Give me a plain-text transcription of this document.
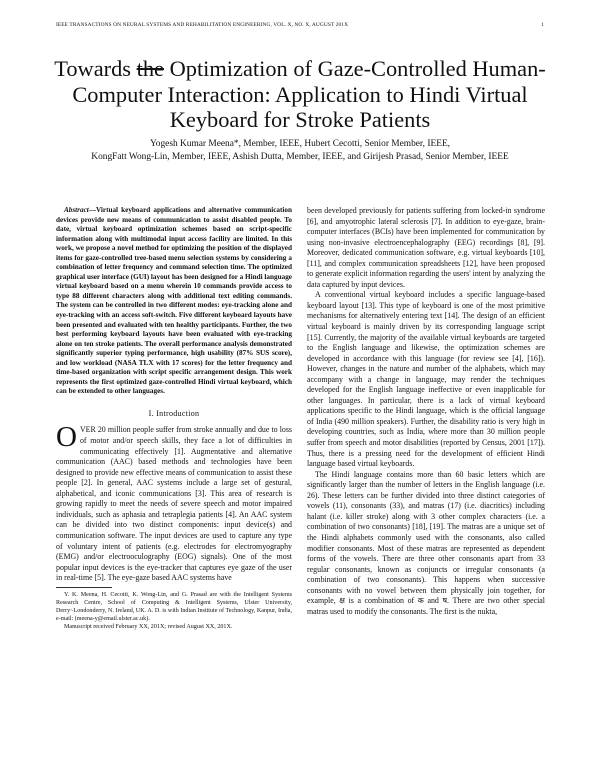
IEEE TRANSACTIONS ON NEURAL SYSTEMS AND REHABILITATION ENGINEERING, VOL. X, NO. X, AUGUST 201X	1
Towards the Optimization of Gaze-Controlled Human-Computer Interaction: Application to Hindi Virtual Keyboard for Stroke Patients
Yogesh Kumar Meena*, Member, IEEE, Hubert Cecotti, Senior Member, IEEE,
KongFatt Wong-Lin, Member, IEEE, Ashish Dutta, Member, IEEE, and Girijesh Prasad, Senior Member, IEEE

Abstract—Virtual keyboard applications and alternative communication devices provide new means of communication to assist disabled people. To date, virtual keyboard optimization schemes based on script-specific information along with multimodal input access facility are limited. In this work, we propose a novel method for optimizing the position of the displayed items for gaze-controlled tree-based menu selection systems by considering a combination of letter frequency and command selection time. The optimized graphical user interface (GUI) layout has been designed for a Hindi language virtual keyboard based on a menu wherein 10 commands provide access to type 88 different characters along with additional text editing commands. The system can be controlled in two different modes: eye-tracking alone and eye-tracking with an access soft-switch. Five different keyboard layouts have been presented and evaluated with ten healthy participants. Further, the two best performing keyboard layouts have been evaluated with eye-tracking alone on ten stroke patients. The overall performance analysis demonstrated significantly superior typing performance, high usability (87% SUS score), and low workload (NASA TLX with 17 scores) for the letter frequency and time-based organization with script specific arrangement design. This work represents the first optimized gaze-controlled Hindi virtual keyboard, which can be extended to other languages.

I. Introduction

OVER 20 million people suffer from stroke annually and due to loss of motor and/or speech skills, they face a lot of difficulties in communicating effectively [1]. Augmentative and alternative communication (AAC) based methods and technologies have been designed to provide new effective means of communication to assist these people [2]. In general, AAC systems include a large set of gestural, alphabetical, and iconic communications [3]. This area of research is growing rapidly to meet the needs of severe speech and motor impaired individuals, such as aphasia and tetraplegia patients [4]. An AAC system can be divided into two distinct components: input device(s) and communication software. The input devices are used to capture any type of voluntary intent of patients (e.g. electrodes for electromyography (EMG) and/or electrooculography (EOG) signals). One of the most popular input devices is the eye-tracker that captures eye gaze of the user in real-time [5]. The eye-gaze based AAC systems have

Y. K. Meena, H. Cecotti, K. Wong-Lin, and G. Prasad are with the Intelligent Systems Research Centre, School of Computing & Intelligent Systems, Ulster University, Derry~Londonderry, N. Ireland, UK. A. D. is with Indian Institute of Technology, Kanpur, India, e-mail: (meena-y@email.ulster.ac.uk).

Manuscript received February XX, 201X; revised August XX, 201X.

been developed previously for patients suffering from locked-in syndrome [6], and amyotrophic lateral sclerosis [7]. In addition to eye-gaze, brain-computer interfaces (BCIs) have been implemented for communication by using non-invasive electroencephalography (EEG) recordings [8], [9]. Moreover, dedicated communication software, e.g. virtual keyboards [10], [11], and complex communication spreadsheets [12], have been proposed to generate explicit information regarding the users' intent by analyzing the data captured by input devices.

A conventional virtual keyboard includes a specific language-based keyboard layout [13]. This type of keyboard is one of the most primitive mechanisms for alternatively entering text [14]. The design of an efficient virtual keyboard is mainly driven by its corresponding language script [15]. Currently, the majority of the available virtual keyboards are targeted to the English language and likewise, the optimization schemes are developed in accordance with this language (for review see [4], [16]). However, changes in the nature and number of the alphabets, which may accompany with a change in language, may render the techniques developed for the English language ineffective or even inapplicable for other languages. In particular, there is a lack of virtual keyboard applications specific to the Hindi language, which is the official language of India (490 million speakers). Further, the disability ratio is very high in developing countries, such as India, where more than 30 million people suffer from speech and motor disabilities (reported by Census, 2001 [17]). Thus, there is a pressing need for the development of efficient Hindi language based virtual keyboards.

The Hindi language contains more than 60 basic letters which are significantly larger than the number of letters in the English language (i.e. 26). These letters can be further divided into three distinct categories of vowels (11), consonants (33), and matras (17) (i.e. diacritics) including halant (i.e. killer stroke) along with 3 other complex characters (i.e. a combination of two consonants) [18], [19]. The matras are a unique set of the Hindi alphabets commonly used with the consonants, also called modifier consonants. Most of these matras are represented as dependent forms of the vowels. There are three other consonants apart from 33 regular consonants, known as conjuncts or irregular consonants (a combination of two consonants). This happens when successive consonants with no vowel between them physically join together, for example, क्ष is a combination of क and ष. There are two other special matras used to modify the consonants. The first is the nukta,
